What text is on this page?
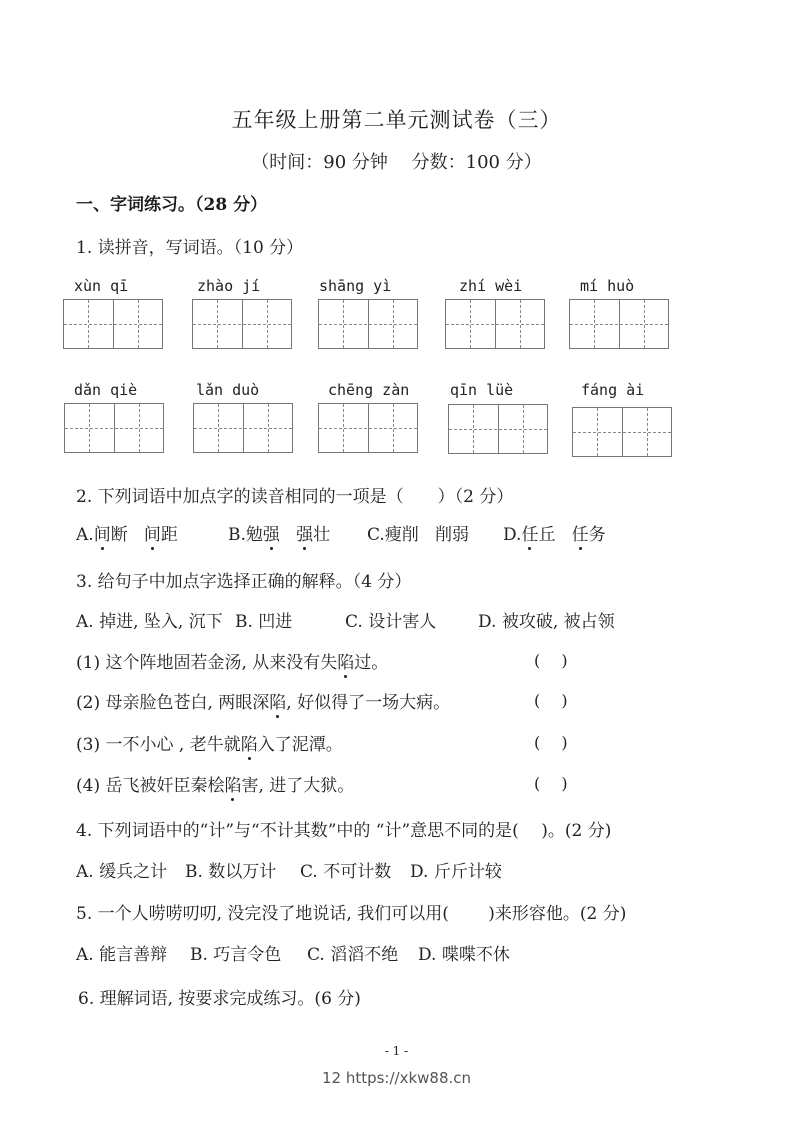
五年级上册第二单元测试卷（三）
（时间：90 分钟　 分数：100 分）
一、字词练习。（28 分）
1. 读拼音，写词语。（10 分）
xùn qī	zhào jí	shāng yì	zhí wèi	mí huò
dǎn qiè	lǎn duò	chēng zàn	qīn lüè	fáng ài
2. 下列词语中加点字的读音相同的一项是（　　）（2 分）
A.间断 间距	B.勉强 强壮 C.瘦削 削弱 D.任丘 任务
3. 给句子中加点字选择正确的解释。（4 分）
A. 掉进, 坠入, 沉下 B. 凹进	C. 设计害人 D. 被攻破, 被占领
(1) 这个阵地固若金汤, 从来没有失陷过。	(　 )
(2) 母亲脸色苍白, 两眼深陷, 好似得了一场大病。	(　 )
(3) 一不小心 , 老牛就陷入了泥潭。	(　 )
(4) 岳飞被奸臣秦桧陷害, 进了大狱。	(　 )
4. 下列词语中的“计”与“不计其数”中的 “计”意思不同的是(　 )。(2 分)
A. 缓兵之计 B. 数以万计 C. 不可计数 D. 斤斤计较
5. 一个人唠唠叨叨, 没完没了地说话, 我们可以用(　　 )来形容他。(2 分)
A. 能言善辩 B. 巧言令色 C. 滔滔不绝 D. 喋喋不休
6. 理解词语, 按要求完成练习。(6 分)
- 1 -
12 https://xkw88.cn
